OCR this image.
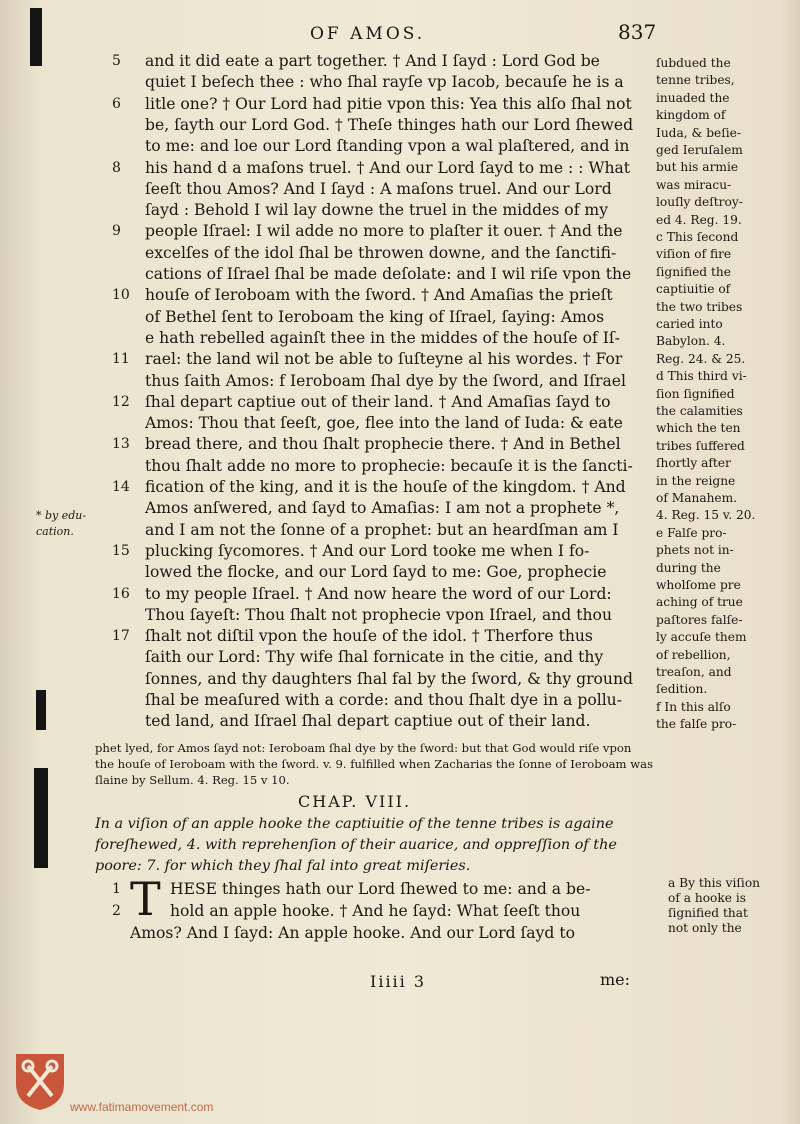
OF AMOS.	837
5	and it did eate a part together. † And I ſayd : Lord God be
quiet I beſech thee : who ſhal rayſe vp Iacob, becauſe he is a
6	litle one? † Our Lord had pitie vpon this: Yea this alſo ſhal not
be, ſayth our Lord God. † Theſe thinges hath our Lord ſhewed
to me: and loe our Lord ſtanding vpon a wal plaſtered, and in
8	his hand d a maſons truel. † And our Lord ſayd to me : : What
ſeeſt thou Amos? And I ſayd : A maſons truel. And our Lord
ſayd : Behold I wil lay downe the truel in the middes of my
9	people Iſrael: I wil adde no more to plaſter it ouer. † And the
excelſes of the idol ſhal be throwen downe, and the ſanctifi-
cations of Iſrael ſhal be made deſolate: and I wil riſe vpon the
10 houſe of Ieroboam with the ſword. † And Amaſias the prieſt
of Bethel ſent to Ieroboam the king of Iſrael, ſaying: Amos
e hath rebelled againſt thee in the middes of the houſe of Iſ-
11 rael: the land wil not be able to ſuſteyne al his wordes. † For
thus ſaith Amos: f Ieroboam ſhal dye by the ſword, and Iſrael
12 ſhal depart captiue out of their land. † And Amaſias ſayd to
Amos: Thou that ſeeſt, goe, flee into the land of Iuda: & eate
13 bread there, and thou ſhalt prophecie there. † And in Bethel
thou ſhalt adde no more to prophecie: becauſe it is the ſancti-
14 fication of the king, and it is the houſe of the kingdom. † And
Amos anſwered, and ſayd to Amaſias: I am not a prophete *,
and I am not the ſonne of a prophet: but an heardſman am I
15 plucking ſycomores. † And our Lord tooke me when I fo-
lowed the flocke, and our Lord ſayd to me: Goe, prophecie
16 to my people Iſrael. † And now heare the word of our Lord:
Thou ſayeſt: Thou ſhalt not prophecie vpon Iſrael, and thou
17 ſhalt not diſtil vpon the houſe of the idol. † Therfore thus
ſaith our Lord: Thy wife ſhal fornicate in the citie, and thy
ſonnes, and thy daughters ſhal fal by the ſword, & thy ground
ſhal be meaſured with a corde: and thou ſhalt dye in a pollu-
ted land, and Iſrael ſhal depart captiue out of their land.
ſubdued the
tenne tribes,
inuaded the
kingdom of
Iuda, & beſie-
ged Ieruſalem
but his armie
was miracu-
louſly deſtroy-
ed 4. Reg. 19.
c This ſecond
viſion of fire
ſignified the
captiuitie of
the two tribes
caried into
Babylon. 4.
Reg. 24. & 25.
d This third vi-
ſion ſignified
the calamities
which the ten
tribes ſuffered
ſhortly after
in the reigne
of Manahem.
4. Reg. 15 v. 20.
e Falſe pro-
phets not in-
during the
wholſome pre
aching of true
paſtores falſe-
ly accuſe them
of rebellion,
treaſon, and
ſedition.
f In this alſo
the falſe pro-
* by edu-
cation.
phet lyed, for Amos ſayd not: Ieroboam ſhal dye by the ſword: but that God would riſe vpon
the houſe of Ieroboam with the ſword. v. 9. fulfilled when Zacharias the ſonne of Ieroboam was
ſlaine by Sellum. 4. Reg. 15 v 10.
CHAP. VIII.
In a viſion of an apple hooke the captiuitie of the tenne tribes is againe
foreſhewed, 4. with reprehenſion of their auarice, and oppreſſion of the
poore: 7. for which they ſhal fal into great miſeries.
T
1	HESE thinges hath our Lord ſhewed to me: and a be-
2	hold an apple hooke. † And he ſayd: What ſeeſt thou
Amos? And I ſayd: An apple hooke. And our Lord ſayd to
a By this viſion
of a hooke is
ſignified that
not only the
Iiiii 3	me:
www.fatimamovement.com
